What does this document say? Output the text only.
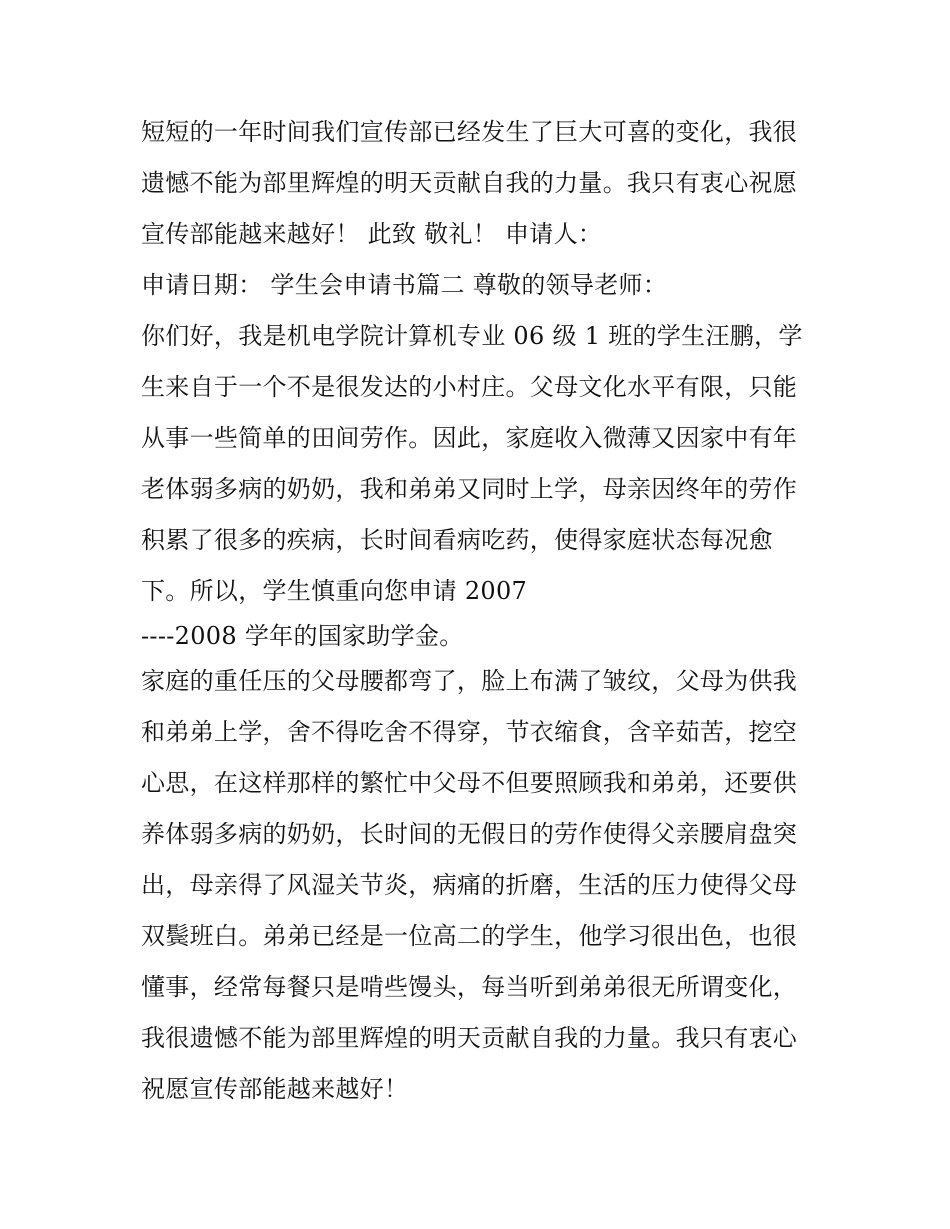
短短的一年时间我们宣传部已经发生了巨大可喜的变化，我很
遗憾不能为部里辉煌的明天贡献自我的力量。我只有衷心祝愿
宣传部能越来越好！ 此致 敬礼！ 申请人：
申请日期： 学生会申请书篇二 尊敬的领导老师：
你们好，我是机电学院计算机专业 06 级 1 班的学生汪鹏，学
生来自于一个不是很发达的小村庄。父母文化水平有限，只能
从事一些简单的田间劳作。因此，家庭收入微薄又因家中有年
老体弱多病的奶奶，我和弟弟又同时上学，母亲因终年的劳作
积累了很多的疾病，长时间看病吃药，使得家庭状态每况愈
下。所以，学生慎重向您申请 2007
----2008 学年的国家助学金。
家庭的重任压的父母腰都弯了，脸上布满了皱纹，父母为供我
和弟弟上学，舍不得吃舍不得穿，节衣缩食，含辛茹苦，挖空
心思，在这样那样的繁忙中父母不但要照顾我和弟弟，还要供
养体弱多病的奶奶，长时间的无假日的劳作使得父亲腰肩盘突
出，母亲得了风湿关节炎，病痛的折磨，生活的压力使得父母
双鬓班白。弟弟已经是一位高二的学生，他学习很出色，也很
懂事，经常每餐只是啃些馒头，每当听到弟弟很无所谓变化，
我很遗憾不能为部里辉煌的明天贡献自我的力量。我只有衷心
祝愿宣传部能越来越好！
